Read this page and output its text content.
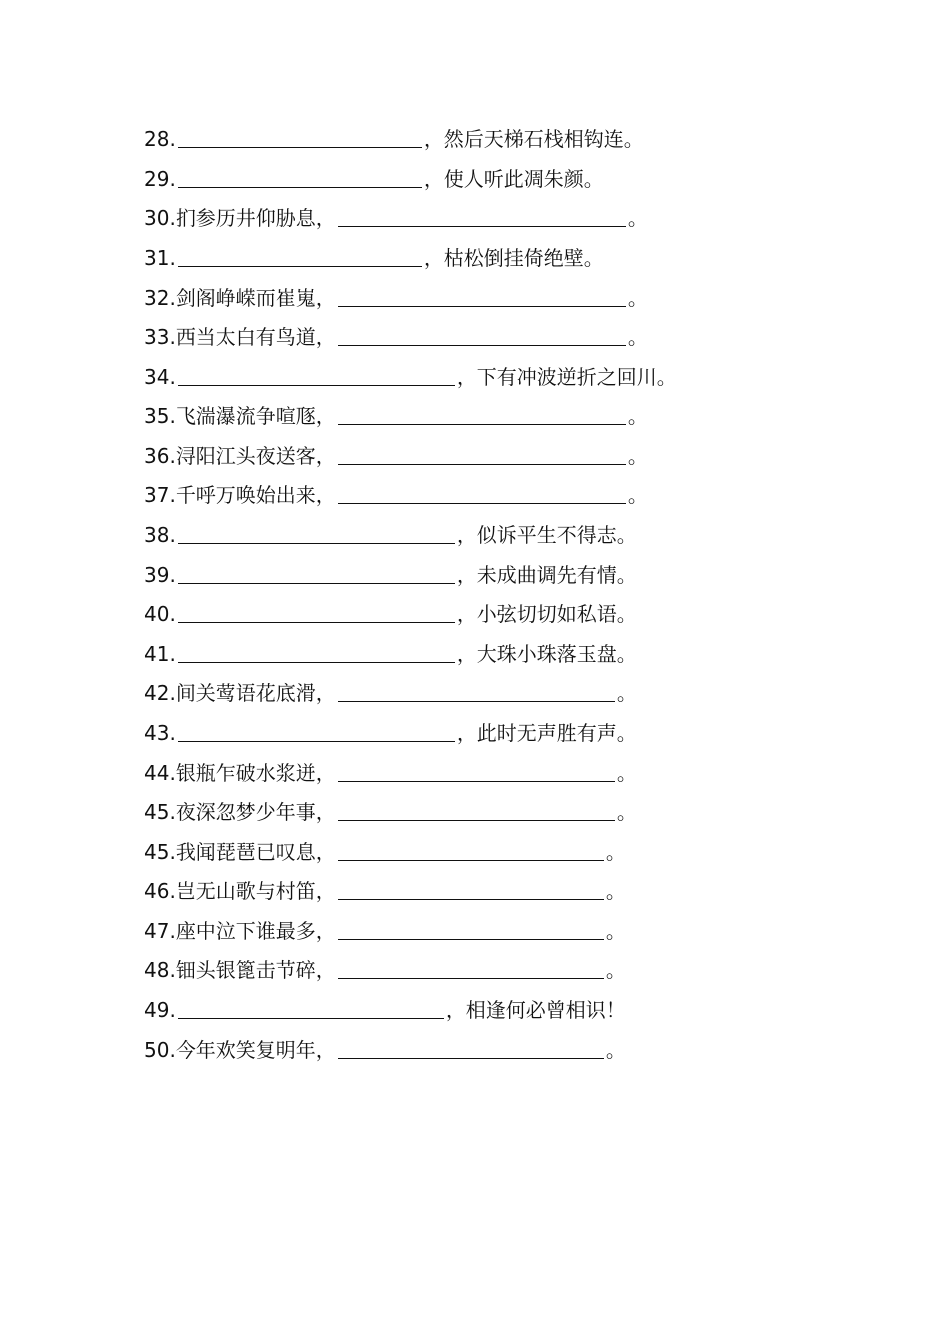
28.	，然后天梯石栈相钩连。
29.	，使人听此凋朱颜。
30. 扪参历井仰胁息，	。
31.	，枯松倒挂倚绝壁。
32. 剑阁峥嵘而崔嵬，	。
33. 西当太白有鸟道，	。
34.	，下有冲波逆折之回川。
35. 飞湍瀑流争喧豗，	。
36. 浔阳江头夜送客，	。
37. 千呼万唤始出来，	。
38.	，似诉平生不得志。
39.	，未成曲调先有情。
40.	，小弦切切如私语。
41.	，大珠小珠落玉盘。
42. 间关莺语花底滑，	。
43.	，此时无声胜有声。
44. 银瓶乍破水浆迸，	。
45. 夜深忽梦少年事，	。
45. 我闻琵琶已叹息，	。
46. 岂无山歌与村笛，	。
47. 座中泣下谁最多，	。
48. 钿头银篦击节碎，	。
49.	，相逢何必曾相识！
50. 今年欢笑复明年，	。
